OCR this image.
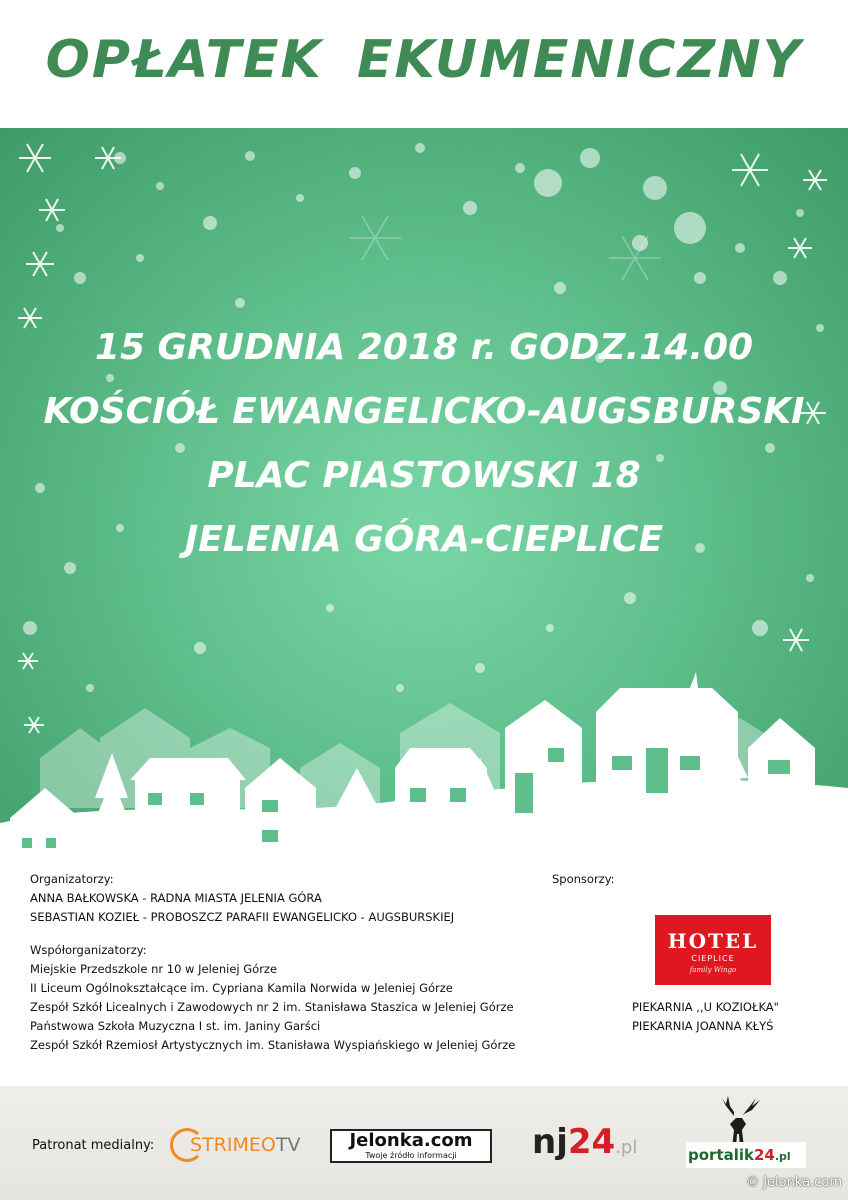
OPŁATEK EKUMENICZNY
15 GRUDNIA 2018 r. GODZ.14.00
KOŚCIÓŁ EWANGELICKO-AUGSBURSKI
PLAC PIASTOWSKI 18
JELENIA GÓRA-CIEPLICE
Organizatorzy:
ANNA BAŁKOWSKA - RADNA MIASTA JELENIA GÓRA
SEBASTIAN KOZIEŁ - PROBOSZCZ PARAFII EWANGELICKO - AUGSBURSKIEJ
Współorganizatorzy:
Miejskie Przedszkole nr 10 w Jeleniej Górze
II Liceum Ogólnokształcące im. Cypriana Kamila Norwida w Jeleniej Górze
Zespół Szkół Licealnych i Zawodowych nr 2 im. Stanisława Staszica w Jeleniej Górze
Państwowa Szkoła Muzyczna I st. im. Janiny Garści
Zespół Szkół Rzemiosł Artystycznych im. Stanisława Wyspiańskiego w Jeleniej Górze
Sponsorzy:
HOTEL
CIEPLICE
family Wingo
PIEKARNIA ,,U KOZIOŁKA"
PIEKARNIA JOANNA KŁYŚ
Patronat medialny: STRIMEOTV	Jelonka.com
Twoje źródło informacji	nj24.pl	portalik24.pl
© Jelonka.com
